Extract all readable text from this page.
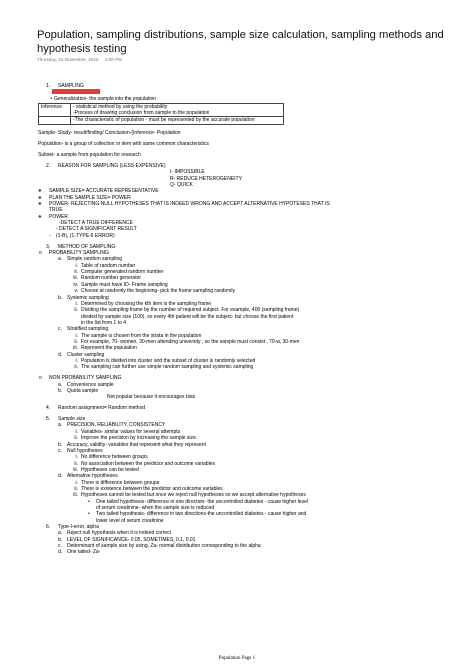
Population, sampling distributions, sample size calculation, sampling methods and hypothesis testing
Thursday, 24 November, 2022 4:56 PM
1. SAMPLING
• Generalization- the sample into the population
Inference	- statistical method by using the probability
-Process of drawing conclusion from sample to the population

	-The characteristic of population - must be represented by the accurate population
Sample- Study- result/finding/ Conclusion-(Inference- Population
Population- is a group of collection or item with same common characteristics
Subset- a sample from population for research
2. REASON FOR SAMPLING (LESS EXPENSIVE)
I- IMPOSSIBLE
R- REDUCE HETEROGENEITY
Q- QUICK
❖ SAMPLE SIZE= ACCURATE REPRESENTATIVE
❖ PLAN THE SAMPLE SIZE= POWER
❖ POWER- REJECTING NULL HYPOTHESES THAT IS INDEED WRONG AND ACCEPT ALTERNATIVE HYPOTESES THAT IS
TRUE
❖ POWER
-DETECT A TRUE DIFFERENCE
- DETECT A SIGNIFICANT RESULT
- (1-B), (1-TYPE-II ERROR)
3. METHOD OF SAMPLING
o PROBABILITY SAMPLING
a. Simple random sampling
i. Table of random number
ii. Computer generated random number
iii. Random number generator
iv. Sample must have ID- Frame sampling
v. Choose at randomly the beginning- pick the frame sampling randomly
b. Systemic sampling
i. Determined by choosing the kth item is the sampling frame
ii. Dividing the sampling frame by the number of required subject. For example, 400 (sampling frame)
divided by sample size (100), so every 4th patient will be the subject- but choose the first patient
in the list from 1 to 4
c. Stratified sampling
i. The sample is chosen from the strata in the population
ii. For example, 70- women, 30-men attending university , so the sample must consist , 70-w, 30-men
iii. Represent the population
d. Cluster sampling
i. Population is divided into cluster and the subset of cluster is randomly selected
ii. The sampling can further use simple random sampling and systemic sampling
o NON PROBABILITY SAMPLING
a. Convenience sample
b. Quota sample
Not popular because it encourages bias
4. Random assignment= Random method
5. Sample size
a. PRECISION, RELIABILITY, CONSISTENCY
i. Variables- similar values for several attempts
ii. Improve the precision by increasing the sample size.
b. Accuracy, validity- variables that represent what they represent
c. Null hypotheses
i. No difference between groups
ii. No association between the predictor and outcome variables
iii. Hypotheses can be tested
d. Alternative hypotheses
i. There is difference between groups
ii. There is existence between the predictor and outcome variables
iii. Hypotheses cannot be tested but once we reject null hypotheses so we accept alternative hypotheses
• One tailed hypothesis- difference in one direction- the uncontrolled diabetes - cause higher level
of serum creatinine- when the sample size is reduced
• Two tailed hypothesis- difference in two directions-the uncontrolled diabetes - cause higher and
lower level of serum creatinine
6. Type-I-error, alpha
a. Reject null hypothesis when it is indeed correct
b. LEVEL OF SIGNIFICANCE- 0.05, SOMETIMES, 0.1, 0.01
c. Determinant of sample size by using, Za- normal distribution corresponding to the alpha
d. One tailed- Za-
Population Page 1
